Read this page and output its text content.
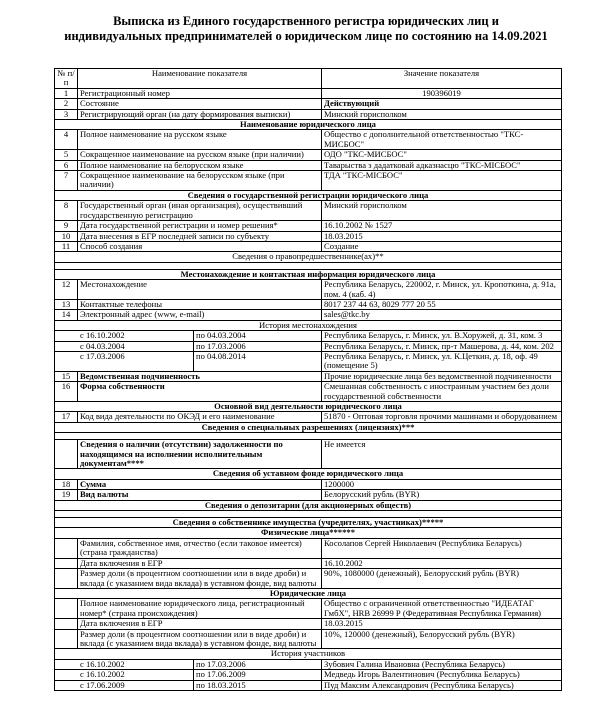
Выписка из Единого государственного регистра юридических лиц и
индивидуальных предпринимателей о юридическом лице по состоянию на 14.09.2021
№ п/п	Наименование показателя		Значение показателя
1	Регистрационный номер		190396019
2	Состояние		Действующий
3	Регистрирующий орган (на дату формирования выписки)		Минский горисполком
Наименование юридического лица			
4	Полное наименование на русском языке		Общество с дополнительной ответственностью "ТКС-МИСБОС"
5	Сокращенное наименование на русском языке (при наличии)		ОДО "ТКС-МИСБОС"
6	Полное наименование на белорусском языке		Таварыства з дадатковай адказнасцю "ТКС-МІСБОС"
7	Сокращенное наименование на белорусском языке (при наличии)		ТДА "ТКС-МІСБОС"
Сведения о государственной регистрации юридического лица			
8	Государственный орган (иная организация), осуществивший государственную регистрацию		Минский горисполком
9	Дата государственной регистрации и номер решения*		16.10.2002 № 1527
10	Дата внесения в ЕГР последней записи по субъекту		18.03.2015
11	Способ создания		Создание
Сведения о правопредшественнике(ах)**			

Местонахождение и контактная информация юридического лица			
12	Местонахождение		Республика Беларусь, 220002, г. Минск, ул. Кропоткина, д. 91а, пом. 4 (каб. 4)
13	Контактные телефоны		8017 237 44 63, 8029 777 20 55
14	Электронный адрес (www, e-mail)		sales@tkc.by
История местонахождения			
с 16.10.2002		по 04.03.2004	Республика Беларусь, г. Минск, ул. В.Хоружей, д. 31, ком. 3
с 04.03.2004		по 17.03.2006	Республика Беларусь, г. Минск, пр-т Машерова, д. 44, ком. 202
с 17.03.2006		по 04.08.2014	Республика Беларусь, г. Минск, ул. К.Цеткин, д. 18, оф. 49 (помещение 5)
15	Ведомственная подчиненность		Прочие юридические лица без ведомственной подчиненности
16	Форма собственности		Смешанная собственность с иностранным участием без доли государственной собственности
Основной вид деятельности юридического лица			
17	Код вида деятельности по ОКЭД и его наименование		51870 - Оптовая торговля прочими машинами и оборудованием
Сведения о специальных разрешениях (лицензиях)***			

	Сведения о наличии (отсутствии) задолженности по находящимся на исполнении исполнительным документам****		Не имеется
Сведения об уставном фонде юридического лица			
18	Сумма		1200000
19	Вид валюты		Белорусский рубль (BYR)
Сведения о депозитарии (для акционерных обществ)			

Сведения о собственнике имущества (учредителях, участниках)*****			
Физические лица******			
	Фамилия, собственное имя, отчество (если таковое имеется) (страна гражданства)		Косолапов Сергей Николаевич (Республика Беларусь)
	Дата включения в ЕГР		16.10.2002
	Размер доли (в процентном соотношении или в виде дроби) и вклада (с указанием вида вклада) в уставном фонде, вид валюты		90%, 1080000 (денежный), Белорусский рубль (BYR)
Юридические лица			
	Полное наименование юридического лица, регистрационный номер* (страна происхождения)		Общество с ограниченной ответственностью "ИДЕАТАГ ГмбХ", HRB 26999 Р (Федеративная Республика Германия)
	Дата включения в ЕГР		18.03.2015
	Размер доли (в процентном соотношении или в виде дроби) и вклада (с указанием вида вклада) в уставном фонде, вид валюты		10%, 120000 (денежный), Белорусский рубль (BYR)
История участников			
с 16.10.2002		по 17.03.2006	Зубович Галина Ивановна (Республика Беларусь)
с 16.10.2002		по 17.06.2009	Медведь Игорь Валентинович (Республика Беларусь)
с 17.06.2009		по 18.03.2015	Пуд Максим Александрович (Республика Беларусь)
